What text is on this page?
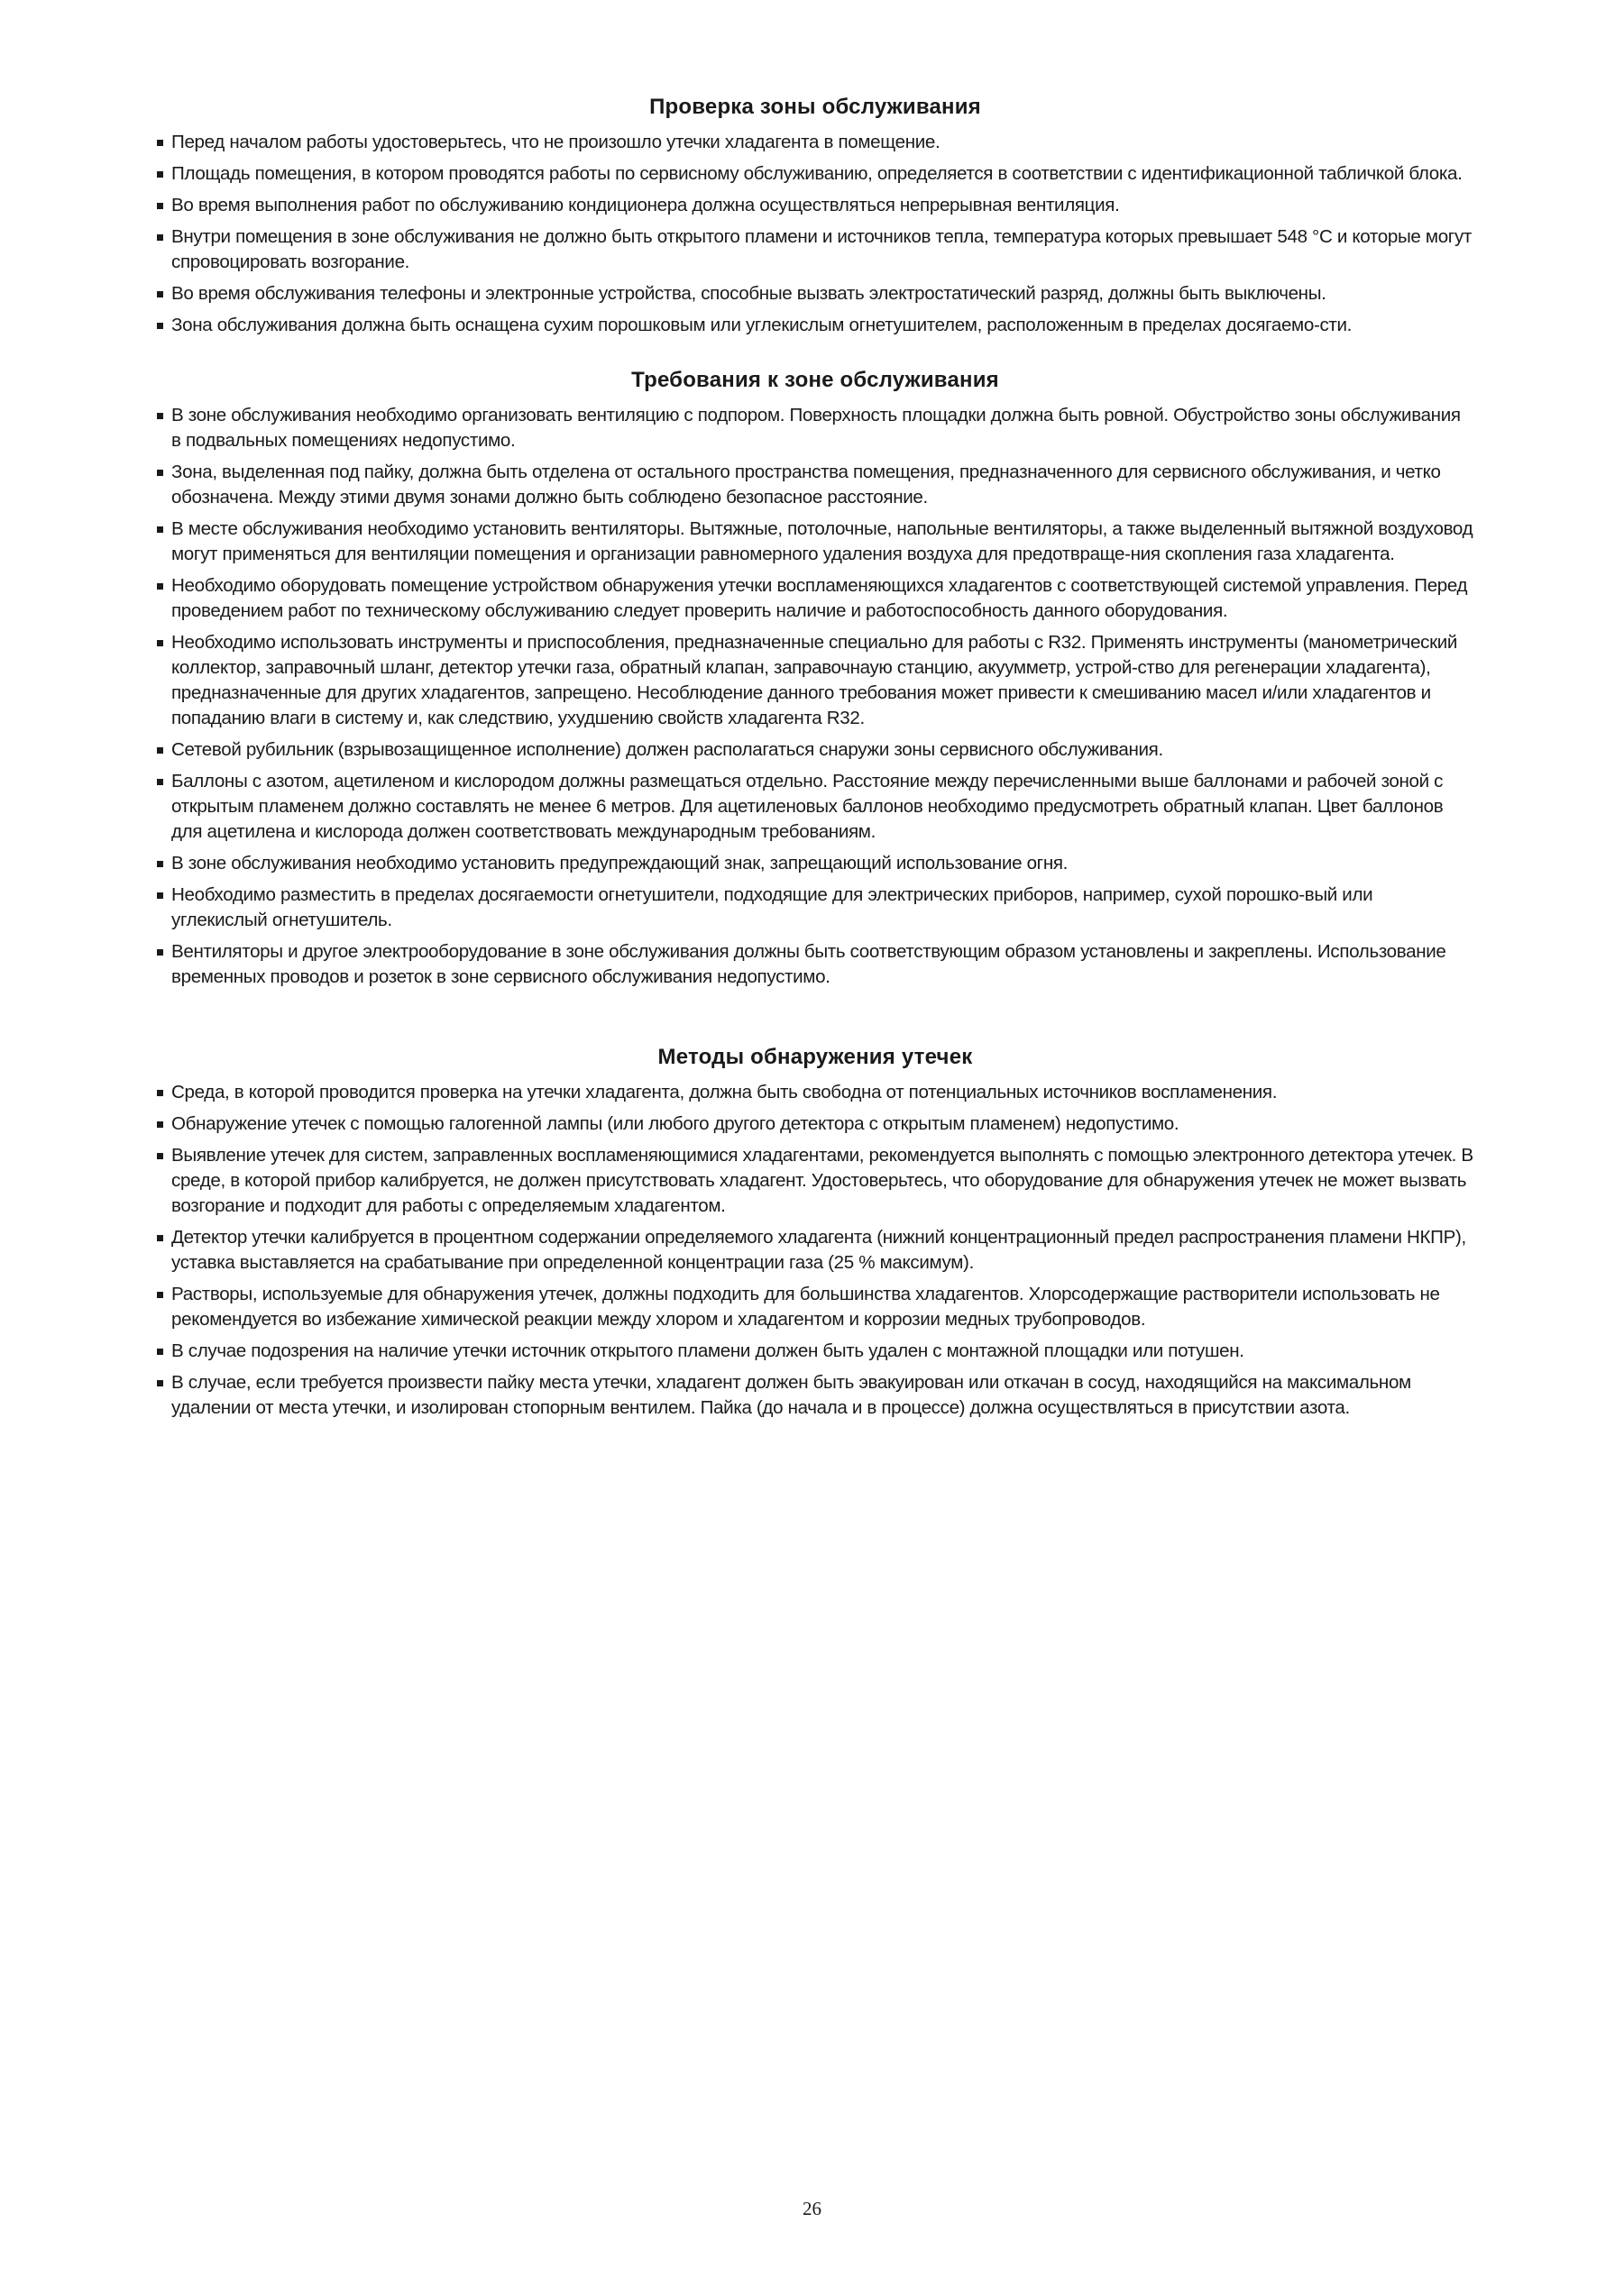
Проверка зоны обслуживания
Перед началом работы удостоверьтесь, что не произошло утечки хладагента в помещение.
Площадь помещения, в котором проводятся работы по сервисному обслуживанию, определяется в соответствии с идентификационной табличкой блока.
Во время выполнения работ по обслуживанию кондиционера должна осуществляться непрерывная вентиляция.
Внутри помещения в зоне обслуживания не должно быть открытого пламени и источников тепла, температура которых превышает 548 °С и которые могут спровоцировать возгорание.
Во время обслуживания телефоны и электронные устройства, способные вызвать электростатический разряд, должны быть выключены.
Зона обслуживания должна быть оснащена сухим порошковым или углекислым огнетушителем, расположенным в пределах досягаемо-сти.
Требования к зоне обслуживания
В зоне обслуживания необходимо организовать вентиляцию с подпором. Поверхность площадки должна быть ровной. Обустройство зоны обслуживания в подвальных помещениях недопустимо.
Зона, выделенная под пайку, должна быть отделена от остального пространства помещения, предназначенного для сервисного обслуживания, и четко обозначена. Между этими двумя зонами должно быть соблюдено безопасное расстояние.
В месте обслуживания необходимо установить вентиляторы. Вытяжные, потолочные, напольные вентиляторы, а также выделенный вытяжной воздуховод могут применяться для вентиляции помещения и организации равномерного удаления воздуха для предотвраще-ния скопления газа хладагента.
Необходимо оборудовать помещение устройством обнаружения утечки воспламеняющихся хладагентов с соответствующей системой управления. Перед проведением работ по техническому обслуживанию следует проверить наличие и работоспособность данного оборудования.
Необходимо использовать инструменты и приспособления, предназначенные специально для работы с R32. Применять инструменты (манометрический коллектор, заправочный шланг, детектор утечки газа, обратный клапан, заправочнаую станцию, акуумметр, устрой-ство для регенерации хладагента), предназначенные для других хладагентов, запрещено. Несоблюдение данного требования может привести к смешиванию масел и/или хладагентов и попаданию влаги в систему и, как следствию, ухудшению свойств хладагента R32.
Сетевой рубильник (взрывозащищенное исполнение) должен располагаться снаружи зоны сервисного обслуживания.
Баллоны с азотом, ацетиленом и кислородом должны размещаться отдельно. Расстояние между перечисленными выше баллонами и рабочей зоной с открытым пламенем должно составлять не менее 6 метров. Для ацетиленовых баллонов необходимо предусмотреть обратный клапан. Цвет баллонов для ацетилена и кислорода должен соответствовать международным требованиям.
В зоне обслуживания необходимо установить предупреждающий знак, запрещающий использование огня.
Необходимо разместить в пределах досягаемости огнетушители, подходящие для электрических приборов, например, сухой порошко-вый или углекислый огнетушитель.
Вентиляторы и другое электрооборудование в зоне обслуживания должны быть соответствующим образом установлены и закреплены. Использование временных проводов и розеток в зоне сервисного обслуживания недопустимо.
Методы обнаружения утечек
Среда, в которой проводится проверка на утечки хладагента, должна быть свободна от потенциальных источников воспламенения.
Обнаружение утечек с помощью галогенной лампы (или любого другого детектора с открытым пламенем) недопустимо.
Выявление утечек для систем, заправленных воспламеняющимися хладагентами, рекомендуется выполнять с помощью электронного детектора утечек. В среде, в которой прибор калибруется, не должен присутствовать хладагент. Удостоверьтесь, что оборудование для обнаружения утечек не может вызвать возгорание и подходит для работы с определяемым хладагентом.
Детектор утечки калибруется в процентном содержании определяемого хладагента (нижний концентрационный предел распространения пламени НКПР), уставка выставляется на срабатывание при определенной концентрации газа (25 % максимум).
Растворы, используемые для обнаружения утечек, должны подходить для большинства хладагентов. Хлорсодержащие растворители использовать не рекомендуется во избежание химической реакции между хлором и хладагентом и коррозии медных трубопроводов.
В случае подозрения на наличие утечки источник открытого пламени должен быть удален с монтажной площадки или потушен.
В случае, если требуется произвести пайку места утечки, хладагент должен быть эвакуирован или откачан в сосуд, находящийся на максимальном удалении от места утечки, и изолирован стопорным вентилем. Пайка (до начала и в процессе) должна осуществляться в присутствии азота.
26
